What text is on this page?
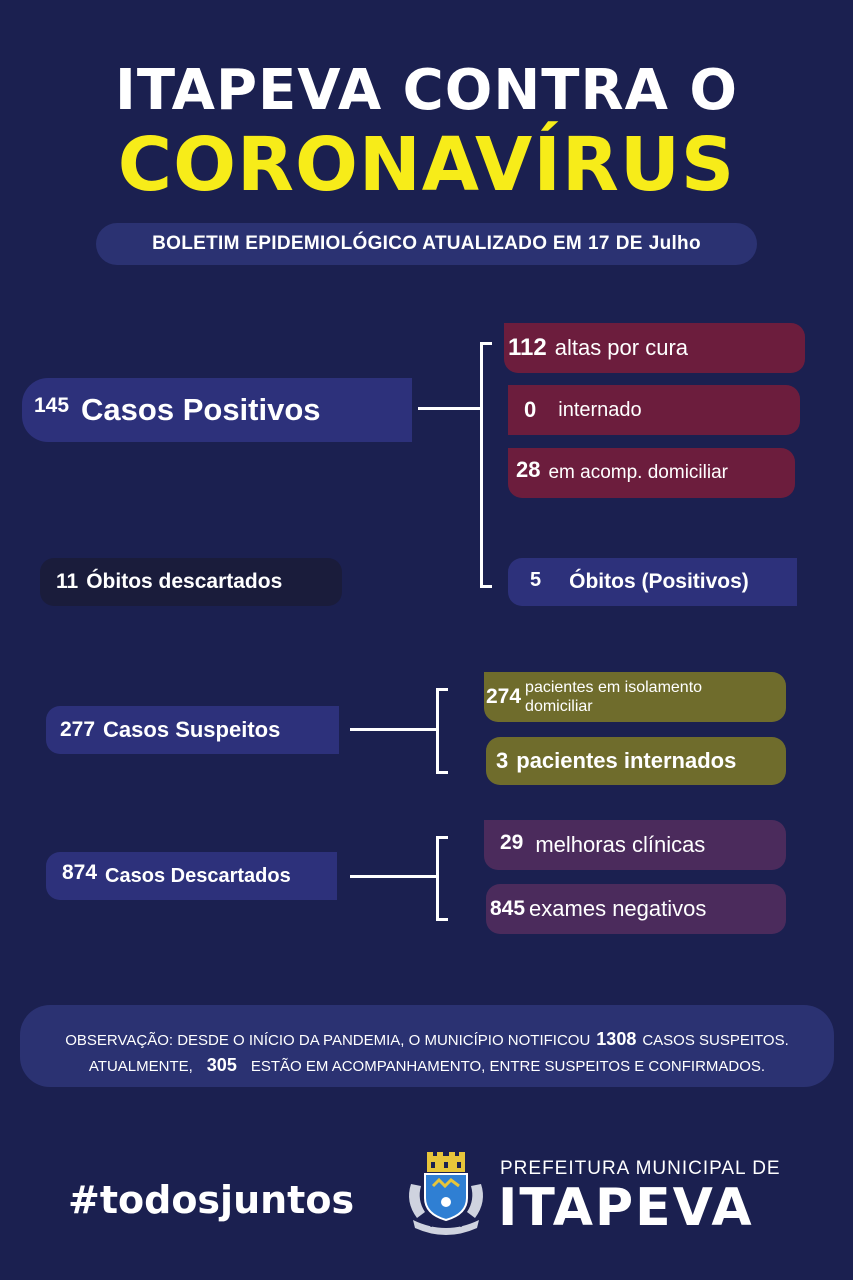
ITAPEVA CONTRA O
CORONAVÍRUS
BOLETIM EPIDEMIOLÓGICO ATUALIZADO EM 17 DE Julho
145 Casos Positivos
112 altas por cura
0 internado
28 em acomp. domiciliar
5 Óbitos (Positivos)
11 Óbitos descartados
277 Casos Suspeitos
274 pacientes em isolamento
domiciliar
3 pacientes internados
874 Casos Descartados
29 melhoras clínicas
845 exames negativos
OBSERVAÇÃO: DESDE O INÍCIO DA PANDEMIA, O MUNICÍPIO NOTIFICOU 1308 CASOS SUSPEITOS.
ATUALMENTE, 305 ESTÃO EM ACOMPANHAMENTO, ENTRE SUSPEITOS E CONFIRMADOS.
#todosjuntos
ITAPEVA
PREFEITURA MUNICIPAL DE
ITAPEVA
